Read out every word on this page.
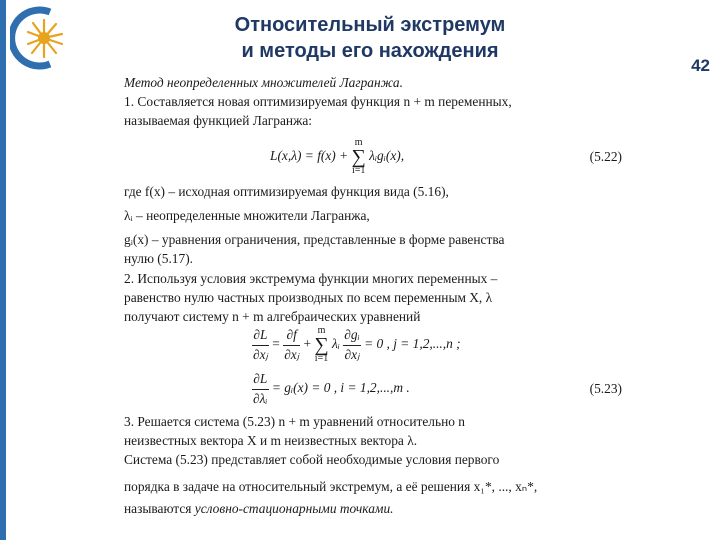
Относительный экстремум
и методы его нахождения
42
Метод неопределенных множителей Лагранжа.
1. Составляется новая оптимизируемая функция n + m переменных,
называемая функцией Лагранжа:
L(x,λ) = f(x) + m
∑
i=1 λᵢgᵢ(x),	(5.22)
где f(x) – исходная оптимизируемая функция вида (5.16),
λᵢ – неопределенные множители Лагранжа,
gᵢ(x) – уравнения ограничения, представленные в форме равенства
нулю (5.17).
2. Используя условия экстремума функции многих переменных –
равенство нулю частных производных по всем переменным X, λ
получают систему n + m алгебраических уравнений
$\frac{\partial L}{\text{∂xⱼ}} = \frac{\partial f}{\text{∂xⱼ}} + m$
∑
i=1 λᵢ $\frac{\text{∂gᵢ}}{\text{∂xⱼ}} = 0$ , j = 1,2,...,n ;
$\frac{\partial L}{\text{∂λᵢ}}$ = gᵢ(x) = 0 , i = 1,2,...,m .	(5.23)
3. Решается система (5.23) n + m уравнений относительно n
неизвестных вектора X и m неизвестных вектора λ.
Система (5.23) представляет собой необходимые условия первого
порядка в задаче на относительный экстремум, а её решения x₁*, ..., xₙ*,
называются условно-стационарными точками.
